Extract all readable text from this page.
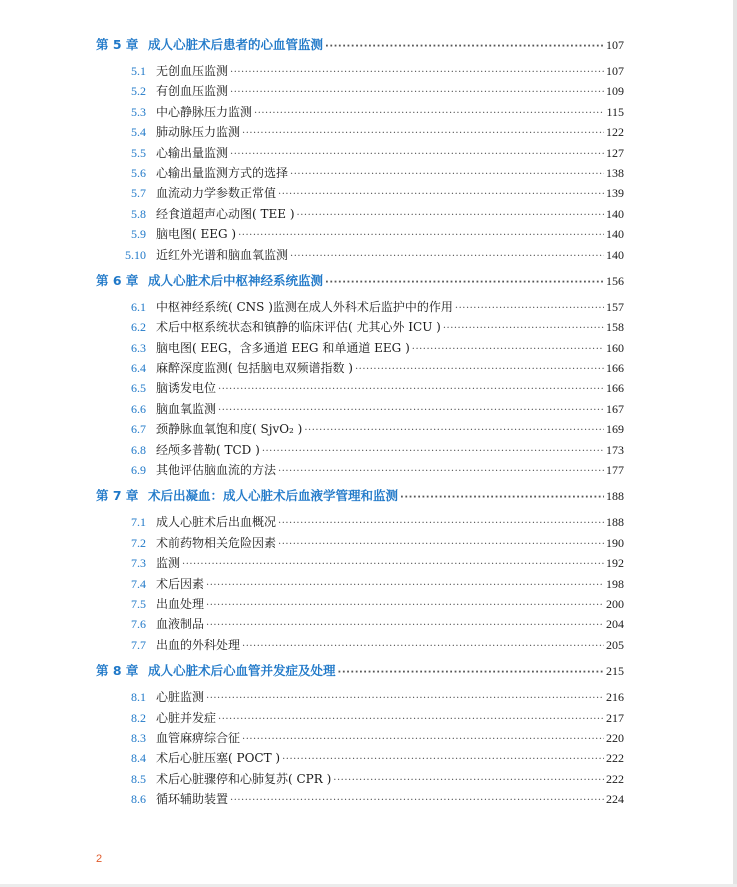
第 5 章 成人心脏术后患者的心血管监测 ·····	107
5.1 无创血压监测 ·····	107
5.2 有创血压监测 ·····	109
5.3 中心静脉压力监测 ·····	115
5.4 肺动脉压力监测 ·····	122
5.5 心输出量监测 ·····	127
5.6 心输出量监测方式的选择 ·····	138
5.7 血流动力学参数正常值 ·····	139
5.8 经食道超声心动图( TEE ) ·····	140
5.9 脑电图( EEG ) ·····	140
5.10 近红外光谱和脑血氧监测 ·····	140
第 6 章 成人心脏术后中枢神经系统监测 ·····	156
6.1 中枢神经系统( CNS )监测在成人外科术后监护中的作用 ·····	157
6.2 术后中枢系统状态和镇静的临床评估( 尤其心外 ICU ) ·····	158
6.3 脑电图( EEG，含多通道 EEG 和单通道 EEG ) ·····	160
6.4 麻醉深度监测( 包括脑电双频谱指数 ) ·····	166
6.5 脑诱发电位 ·····	166
6.6 脑血氧监测 ·····	167
6.7 颈静脉血氧饱和度( SjvO₂ ) ·····	169
6.8 经颅多普勒( TCD ) ·····	173
6.9 其他评估脑血流的方法 ·····	177
第 7 章 术后出凝血：成人心脏术后血液学管理和监测 ·····	188
7.1 成人心脏术后出血概况 ·····	188
7.2 术前药物相关危险因素 ·····	190
7.3 监测 ·····	192
7.4 术后因素 ·····	198
7.5 出血处理 ·····	200
7.6 血液制品 ·····	204
7.7 出血的外科处理 ·····	205
第 8 章 成人心脏术后心血管并发症及处理 ·····	215
8.1 心脏监测 ·····	216
8.2 心脏并发症 ·····	217
8.3 血管麻痹综合征 ·····	220
8.4 术后心脏压塞( POCT ) ·····	222
8.5 术后心脏骤停和心肺复苏( CPR ) ·····	222
8.6 循环辅助装置 ·····	224
2
